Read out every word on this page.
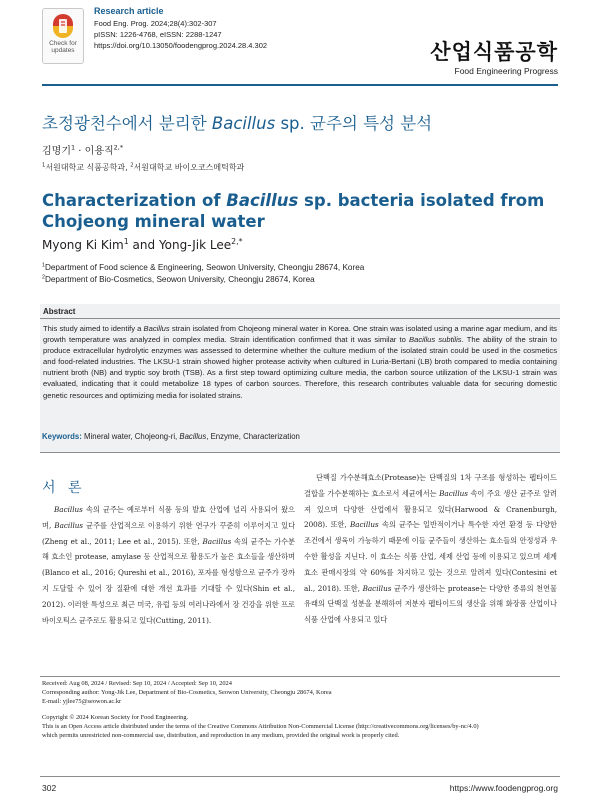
Check for updates
Research article
Food Eng. Prog. 2024;28(4):302-307
pISSN: 1226-4768, eISSN: 2288-1247
https://doi.org/10.13050/foodengprog.2024.28.4.302	산업식품공학
Food Engineering Progress
초정광천수에서 분리한 Bacillus sp. 균주의 특성 분석
김명기$^1$ · 이용직$^{2,*}$
$^1$서원대학교 식품공학과, $^2$서원대학교 바이오코스메틱학과
Characterization of Bacillus sp. bacteria isolated from Chojeong mineral water
Myong Ki Kim$^1$ and Yong-Jik Lee$^{2,*}$
$^1$Department of Food science & Engineering, Seowon University, Cheongju 28674, Korea
$^2$Department of Bio-Cosmetics, Seowon University, Cheongju 28674, Korea
Abstract
This study aimed to identify a Bacillus strain isolated from Chojeong mineral water in Korea. One strain was isolated using a marine agar medium, and its growth temperature was analyzed in complex media. Strain identification confirmed that it was similar to Bacillus subtilis. The ability of the strain to produce extracellular hydrolytic enzymes was assessed to determine whether the culture medium of the isolated strain could be used in the cosmetics and food-related industries. The LKSU-1 strain showed higher protease activity when cultured in Luria-Bertani (LB) broth compared to media containing nutrient broth (NB) and tryptic soy broth (TSB). As a first step toward optimizing culture media, the carbon source utilization of the LKSU-1 strain was evaluated, indicating that it could metabolize 18 types of carbon sources. Therefore, this research contributes valuable data for securing domestic genetic resources and optimizing media for isolated strains.
Keywords: Mineral water, Chojeong-ri, Bacillus, Enzyme, Characterization
서 론
Bacillus 속의 균주는 예로부터 식품 등의 발효 산업에 널리 사용되어 왔으며, Bacillus 균주를 산업적으로 이용하기 위한 연구가 꾸준히 이루어지고 있다(Zheng et al., 2011; Lee et al., 2015). 또한, Bacillus 속의 균주는 가수분해 효소인 protease, amylase 등 산업적으로 활용도가 높은 효소들을 생산하며(Blanco et al., 2016; Qureshi et al., 2016), 포자를 형성함으로 균주가 장까지 도달할 수 있어 장 질환에 대한 개선 효과를 기대할 수 있다(Shin et al., 2012). 이러한 특성으로 최근 미국, 유럽 등의 여러나라에서 장 건강을 위한 프로바이오틱스 균주로도 활용되고 있다(Cutting, 2011).
단백질 가수분해효소(Protease)는 단백질의 1차 구조를 형성하는 펩타이드 결합을 가수분해하는 효소로서 세균에서는 Bacillus 속이 주요 생산 균주로 알려져 있으며 다양한 산업에서 활용되고 있다(Harwood & Cranenburgh, 2008). 또한, Bacillus 속의 균주는 일반적이거나 특수한 자연 환경 등 다양한 조건에서 생육이 가능하기 때문에 이들 균주들이 생산하는 효소들의 안정성과 우수한 활성을 지닌다. 이 효소는 식품 산업, 세제 산업 등에 이용되고 있으며 세계 효소 판매시장의 약 60%를 차지하고 있는 것으로 알려져 있다(Contesini et al., 2018). 또한, Bacillus 균주가 생산하는 protease는 다양한 종류의 천연물 유래의 단백질 성분을 분해하여 저분자 펩타이드의 생산을 위해 화장품 산업이나 식품 산업에 사용되고 있다

Received: Aug 08, 2024 / Revised: Sep 10, 2024 / Accepted: Sep 10, 2024

Corresponding author: Yong-Jik Lee, Department of Bio-Cosmetics, Seowon University, Cheongju 28674, Korea

E-mail: yjlee75@seowon.ac.kr

Copyright © 2024 Korean Society for Food Engineering.

This is an Open Access article distributed under the terms of the Creative Commons Attribution Non-Commercial License (http://creativecommons.org/licenses/by-nc/4.0)

which permits unrestricted non-commercial use, distribution, and reproduction in any medium, provided the original work is properly cited.

302	https://www.foodengprog.org
